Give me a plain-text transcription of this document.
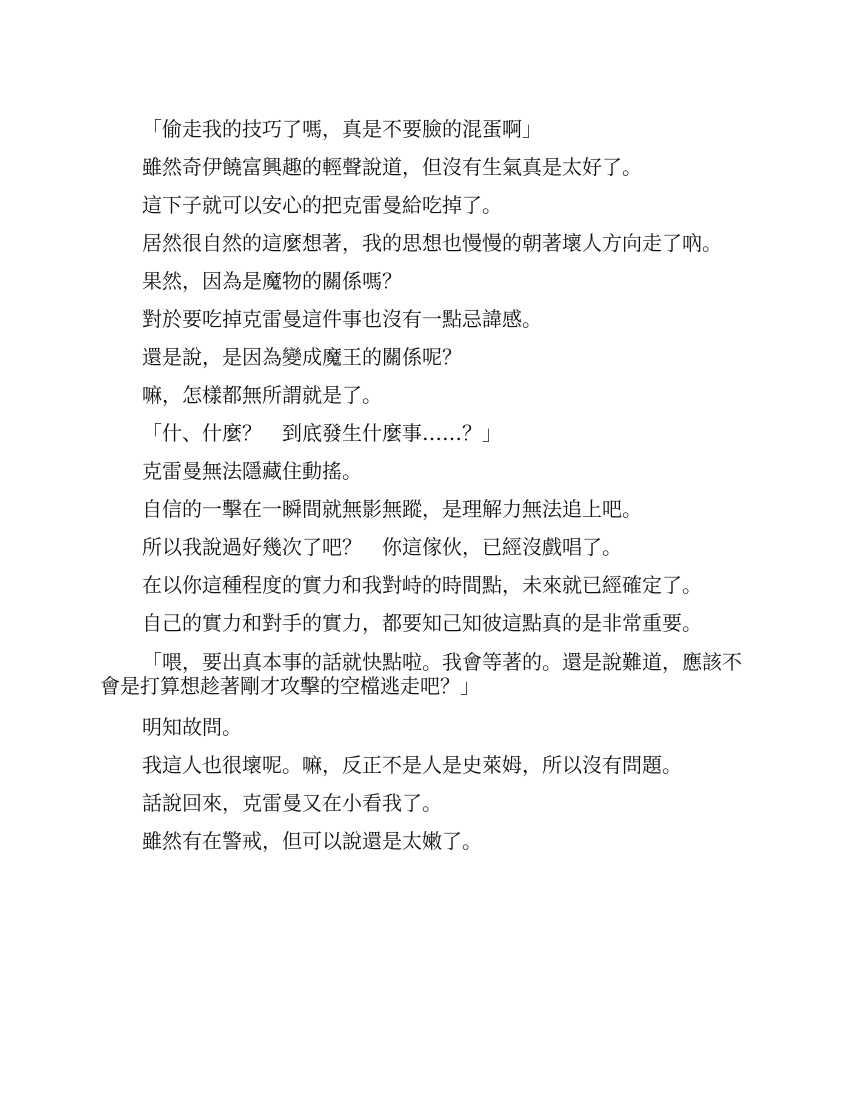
「偷走我的技巧了嗎，真是不要臉的混蛋啊」

雖然奇伊饒富興趣的輕聲說道，但沒有生氣真是太好了。

這下子就可以安心的把克雷曼給吃掉了。

居然很自然的這麼想著，我的思想也慢慢的朝著壞人方向走了吶。

果然，因為是魔物的關係嗎？

對於要吃掉克雷曼這件事也沒有一點忌諱感。

還是說，是因為變成魔王的關係呢？

嘛，怎樣都無所謂就是了。

「什、什麼？　到底發生什麼事……？」

克雷曼無法隱藏住動搖。

自信的一擊在一瞬間就無影無蹤，是理解力無法追上吧。

所以我說過好幾次了吧？　你這傢伙，已經沒戲唱了。

在以你這種程度的實力和我對峙的時間點，未來就已經確定了。

自己的實力和對手的實力，都要知己知彼這點真的是非常重要。

「喂，要出真本事的話就快點啦。我會等著的。還是說難道，應該不會是打算想趁著剛才攻擊的空檔逃走吧？」

明知故問。

我這人也很壞呢。嘛，反正不是人是史萊姆，所以沒有問題。

話說回來，克雷曼又在小看我了。

雖然有在警戒，但可以說還是太嫩了。
